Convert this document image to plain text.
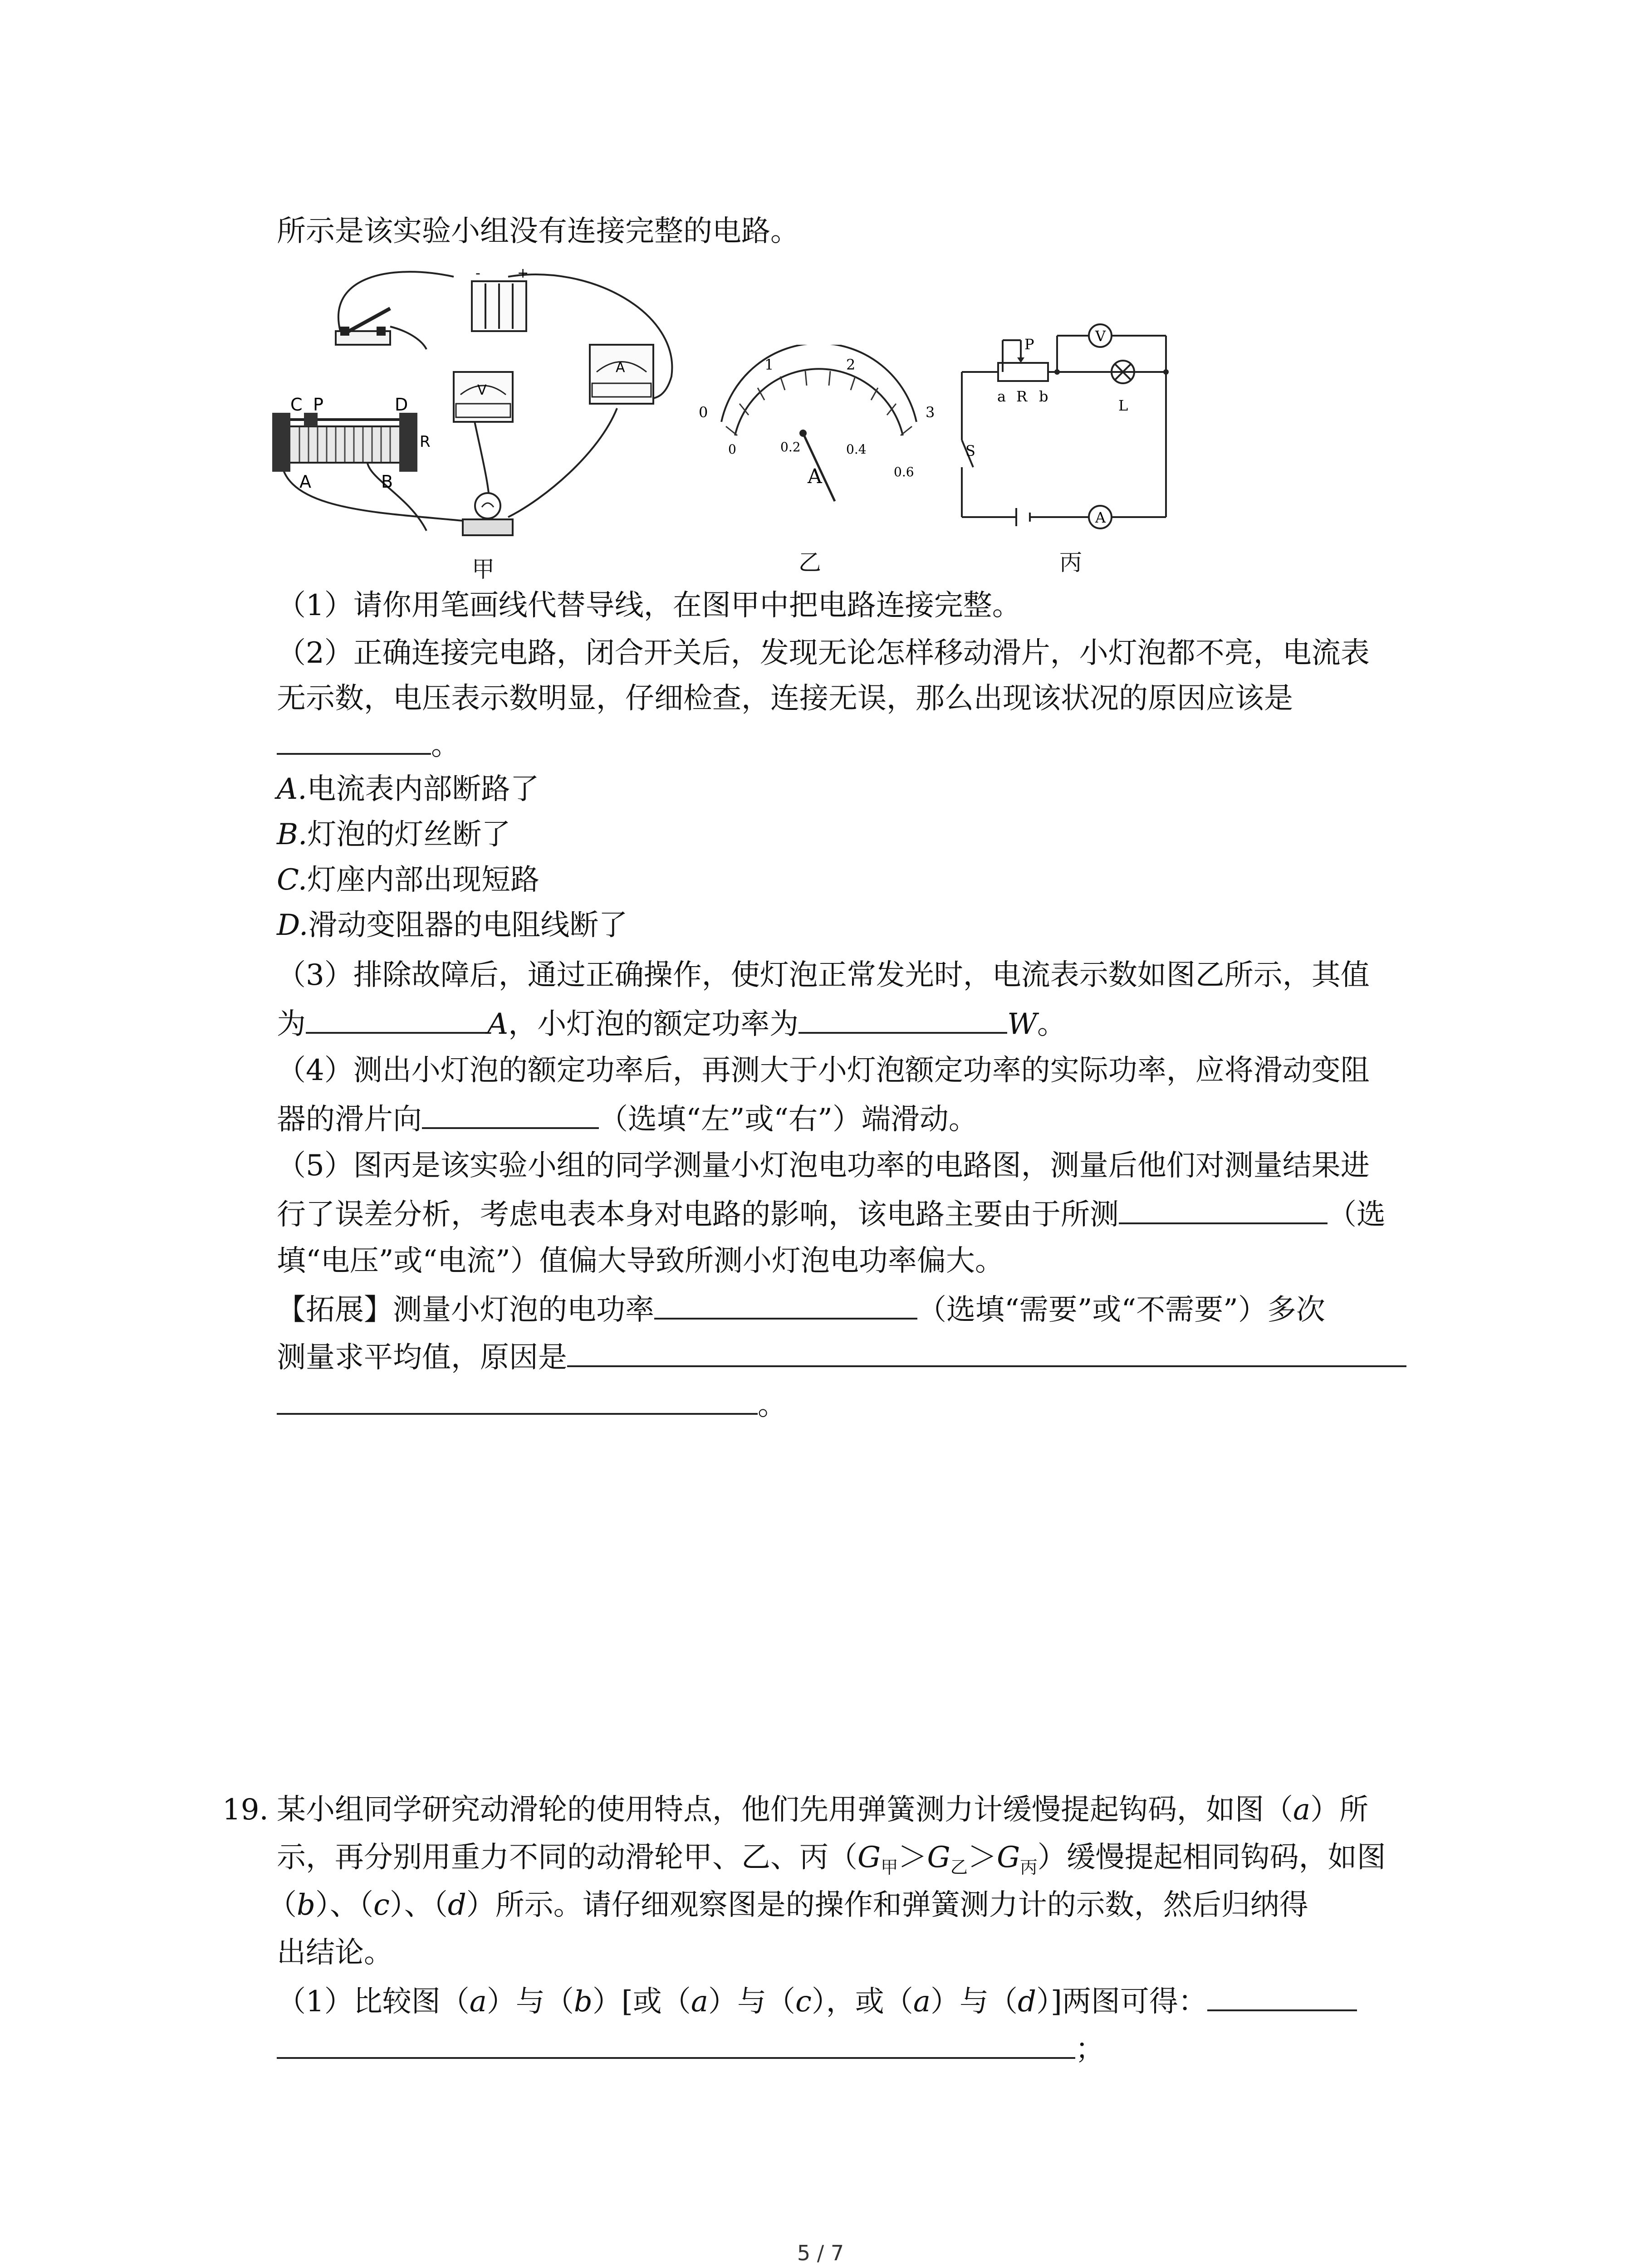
所示是该实验小组没有连接完整的电路。
-	+
V
A
C P	D
R
A	B
甲
0
1	2
3
0	0.2	0.4
0.6
A
乙
P
a R b
V
L
S
A
丙
（1）请你用笔画线代替导线，在图甲中把电路连接完整。
（2）正确连接完电路，闭合开关后，发现无论怎样移动滑片，小灯泡都不亮，电流表
无示数，电压表示数明显，仔细检查，连接无误，那么出现该状况的原因应该是
。
A.电流表内部断路了
B.灯泡的灯丝断了
C.灯座内部出现短路
D.滑动变阻器的电阻线断了
（3）排除故障后，通过正确操作，使灯泡正常发光时，电流表示数如图乙所示，其值
为	A，小灯泡的额定功率为	W。
（4）测出小灯泡的额定功率后，再测大于小灯泡额定功率的实际功率，应将滑动变阻
器的滑片向	（选填“左”或“右”）端滑动。
（5）图丙是该实验小组的同学测量小灯泡电功率的电路图，测量后他们对测量结果进
行了误差分析，考虑电表本身对电路的影响，该电路主要由于所测	（选
填“电压”或“电流”）值偏大导致所测小灯泡电功率偏大。
【拓展】测量小灯泡的电功率	（选填“需要”或“不需要”）多次
测量求平均值，原因是
。
19. 某小组同学研究动滑轮的使用特点，他们先用弹簧测力计缓慢提起钩码，如图（a）所
示，再分别用重力不同的动滑轮甲、乙、丙$(G_甲>G_乙>G_丙)$缓慢提起相同钩码，如图
（b）、（c）、（d）所示。请仔细观察图是的操作和弹簧测力计的示数，然后归纳得
出结论。
（1）比较图（a）与（b）[或（a）与（c），或（a）与（d）]两图可得：
；
5 / 7
